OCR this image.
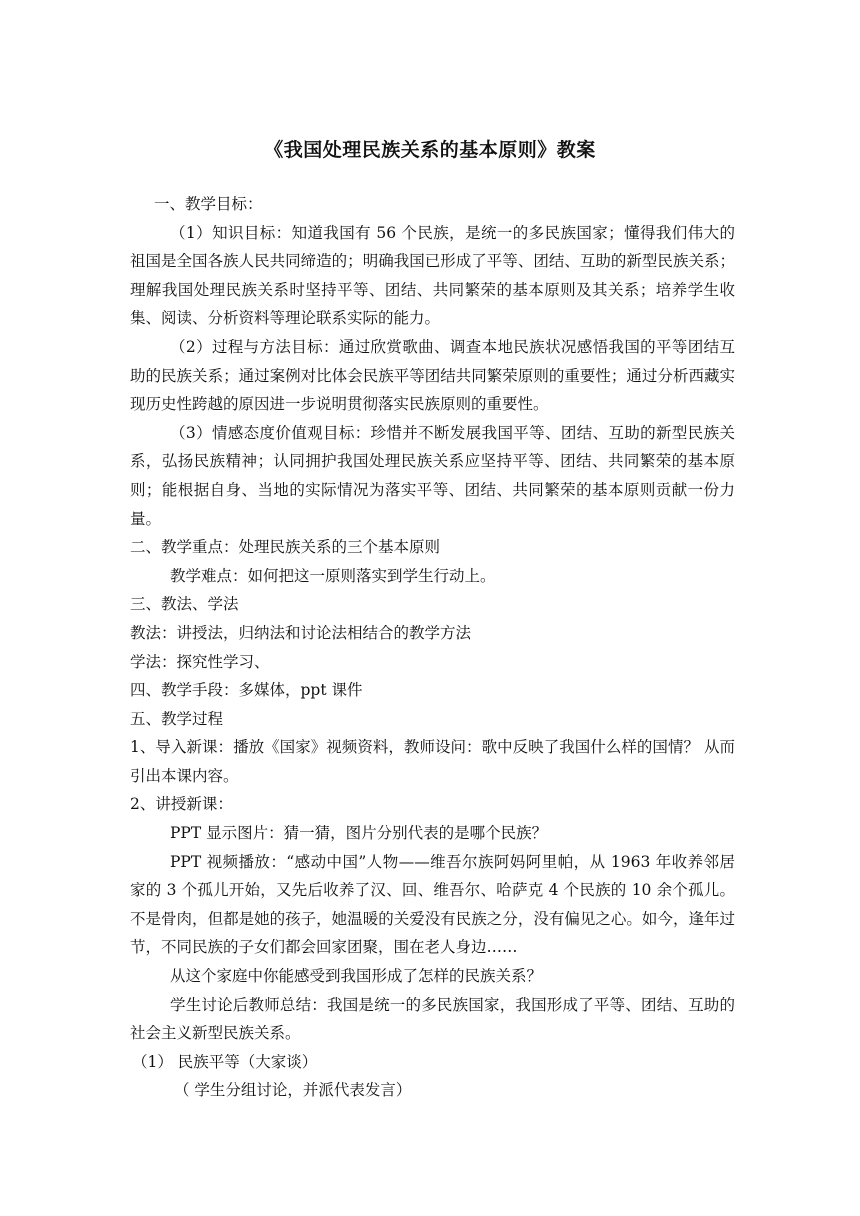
《我国处理民族关系的基本原则》教案

一、教学目标：

（1）知识目标：知道我国有 56 个民族，是统一的多民族国家；懂得我们伟大的祖国是全国各族人民共同缔造的；明确我国已形成了平等、团结、互助的新型民族关系；理解我国处理民族关系时坚持平等、团结、共同繁荣的基本原则及其关系；培养学生收集、阅读、分析资料等理论联系实际的能力。

（2）过程与方法目标：通过欣赏歌曲、调查本地民族状况感悟我国的平等团结互助的民族关系；通过案例对比体会民族平等团结共同繁荣原则的重要性；通过分析西藏实现历史性跨越的原因进一步说明贯彻落实民族原则的重要性。

（3）情感态度价值观目标：珍惜并不断发展我国平等、团结、互助的新型民族关系，弘扬民族精神；认同拥护我国处理民族关系应坚持平等、团结、共同繁荣的基本原则；能根据自身、当地的实际情况为落实平等、团结、共同繁荣的基本原则贡献一份力量。

二、教学重点：处理民族关系的三个基本原则

教学难点：如何把这一原则落实到学生行动上。

三、教法、学法

教法：讲授法，归纳法和讨论法相结合的教学方法

学法：探究性学习、

四、教学手段：多媒体，ppt 课件

五、教学过程

1、导入新课：播放《国家》视频资料，教师设问：歌中反映了我国什么样的国情？ 从而引出本课内容。

2、讲授新课：

PPT 显示图片：猜一猜，图片分别代表的是哪个民族？

PPT 视频播放：“感动中国”人物——维吾尔族阿妈阿里帕，从 1963 年收养邻居家的 3 个孤儿开始，又先后收养了汉、回、维吾尔、哈萨克 4 个民族的 10 余个孤儿。不是骨肉，但都是她的孩子，她温暖的关爱没有民族之分，没有偏见之心。如今，逢年过节，不同民族的子女们都会回家团聚，围在老人身边……

从这个家庭中你能感受到我国形成了怎样的民族关系？

学生讨论后教师总结：我国是统一的多民族国家，我国形成了平等、团结、互助的社会主义新型民族关系。

（1） 民族平等（大家谈）

（ 学生分组讨论，并派代表发言）
